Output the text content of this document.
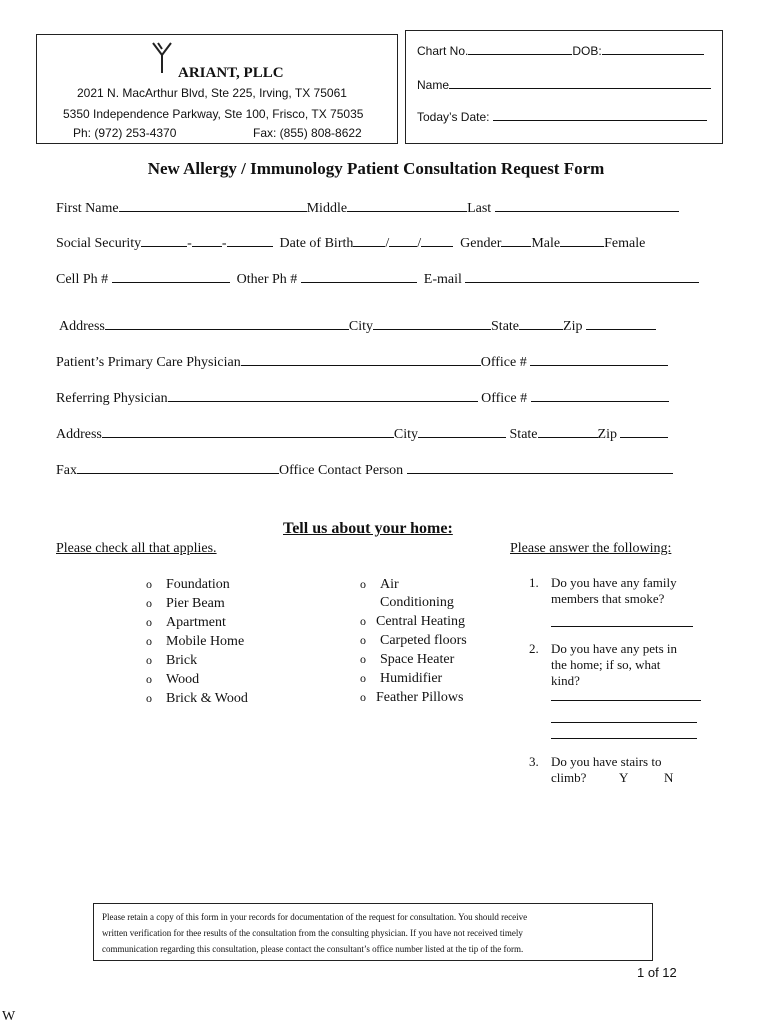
ARIANT, PLLC
2021 N. MacArthur Blvd, Ste 225, Irving, TX 75061
5350 Independence Parkway, Ste 100, Frisco, TX 75035
Ph: (972) 253-4370	Fax: (855) 808-8622
Chart No.	DOB:
Name
Today’s Date:
New Allergy / Immunology Patient Consultation Request Form
First Name	Middle	Last
Social Security	- -	Date of Birth / /	Gender Male	Female
Cell Ph #	Other Ph #	E-mail
Address	City	State	Zip
Patient’s Primary Care Physician	Office #
Referring Physician	Office #
Address	City	State	Zip
Fax	Office Contact Person
Tell us about your home:
Please check all that applies.	Please answer the following:
o Foundation
o Pier Beam
o Apartment
o Mobile Home
o Brick
o Wood
o Brick & Wood
o Air
Conditioning
o Central Heating
o Carpeted floors
o Space Heater
o Humidifier
o Feather Pillows
1. Do you have any family
members that smoke?
2. Do you have any pets in
the home; if so, what
kind?
3. Do you have stairs to
climb?	Y	N
Please retain a copy of this form in your records for documentation of the request for consultation. You should receive
written verification for thee results of the consultation from the consulting physician. If you have not received timely
communication regarding this consultation, please contact the consultant’s office number listed at the tip of the form.
1 of 12
W
